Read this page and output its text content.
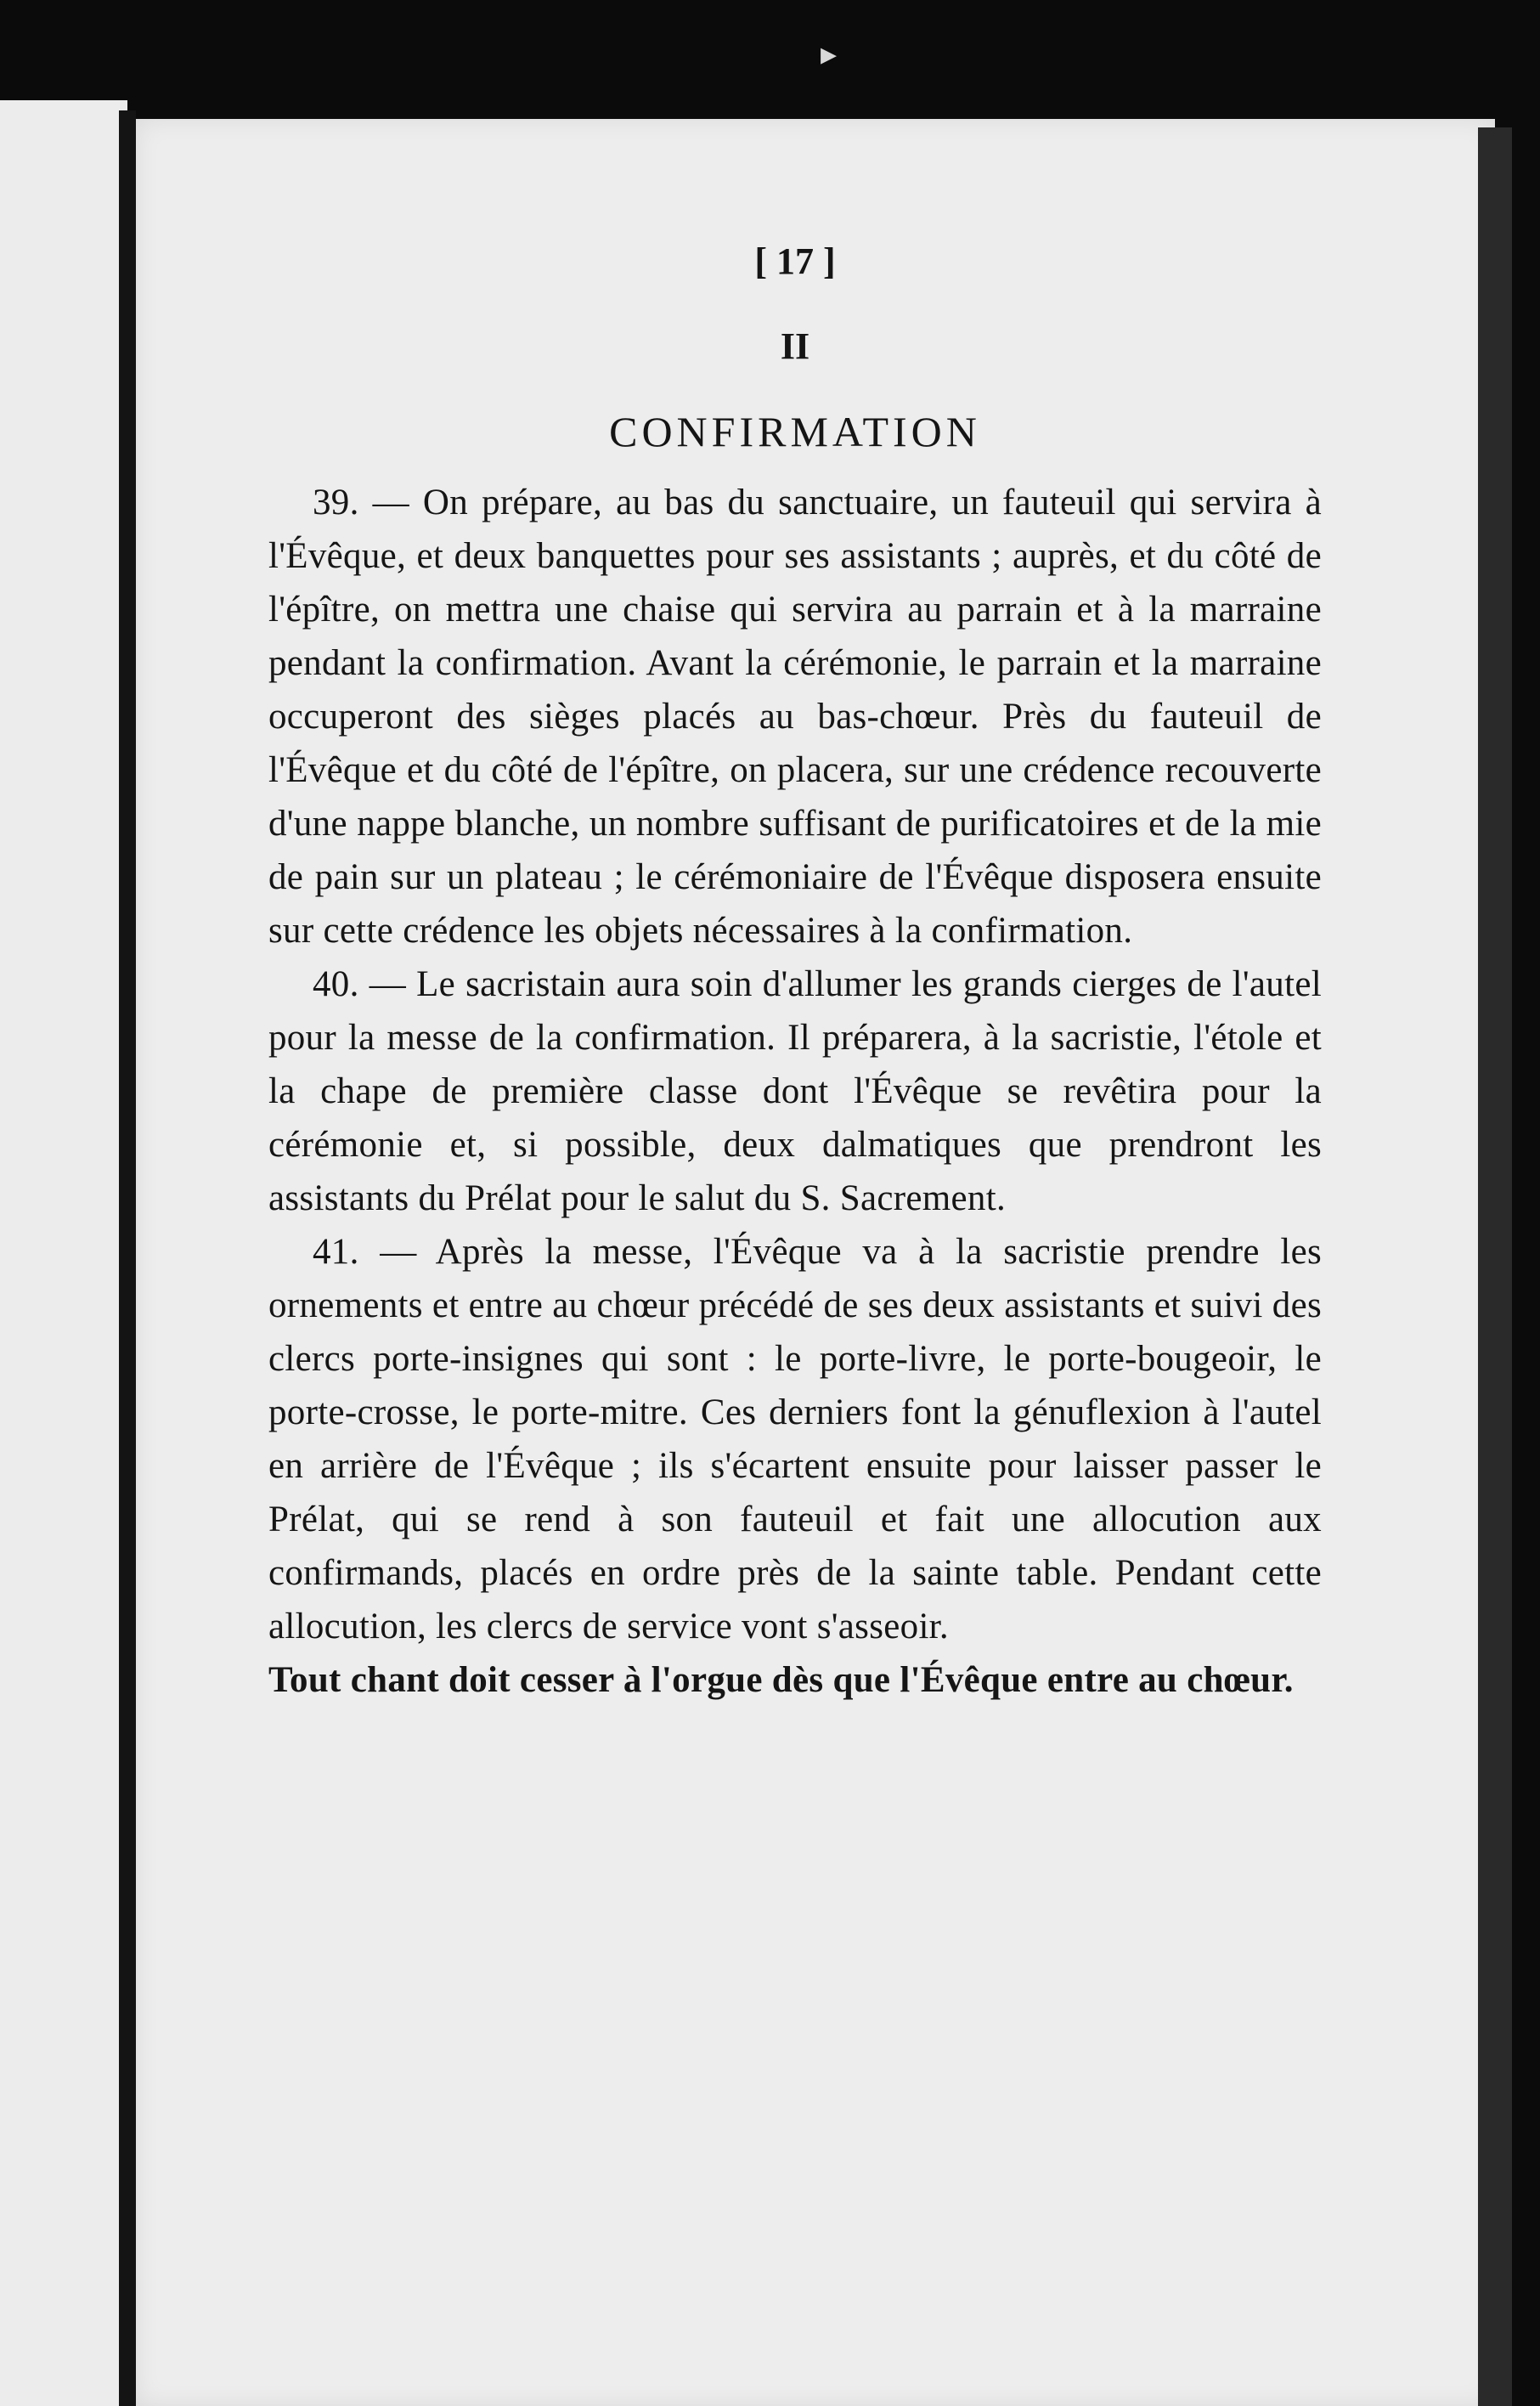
▸
[ 17 ]
II
CONFIRMATION

39. — On prépare, au bas du sanctuaire, un fauteuil qui servira à l'Évêque, et deux banquettes pour ses assistants ; auprès, et du côté de l'épître, on mettra une chaise qui servira au parrain et à la marraine pendant la confirmation. Avant la cérémonie, le parrain et la marraine occuperont des sièges placés au bas-chœur. Près du fauteuil de l'Évêque et du côté de l'épître, on placera, sur une crédence recouverte d'une nappe blanche, un nombre suffisant de purificatoires et de la mie de pain sur un plateau ; le cérémoniaire de l'Évêque disposera ensuite sur cette crédence les objets nécessaires à la confirmation.

40. — Le sacristain aura soin d'allumer les grands cierges de l'autel pour la messe de la confirmation. Il préparera, à la sacristie, l'étole et la chape de première classe dont l'Évêque se revêtira pour la cérémonie et, si possible, deux dalmatiques que prendront les assistants du Prélat pour le salut du S. Sacrement.

41. — Après la messe, l'Évêque va à la sacristie prendre les ornements et entre au chœur précédé de ses deux assistants et suivi des clercs porte-insignes qui sont : le porte-livre, le porte-bougeoir, le porte-crosse, le porte-mitre. Ces derniers font la génuflexion à l'autel en arrière de l'Évêque ; ils s'écartent ensuite pour laisser passer le Prélat, qui se rend à son fauteuil et fait une allocution aux confirmands, placés en ordre près de la sainte table. Pendant cette allocution, les clercs de service vont s'asseoir.

Tout chant doit cesser à l'orgue dès que l'Évêque entre au chœur.
